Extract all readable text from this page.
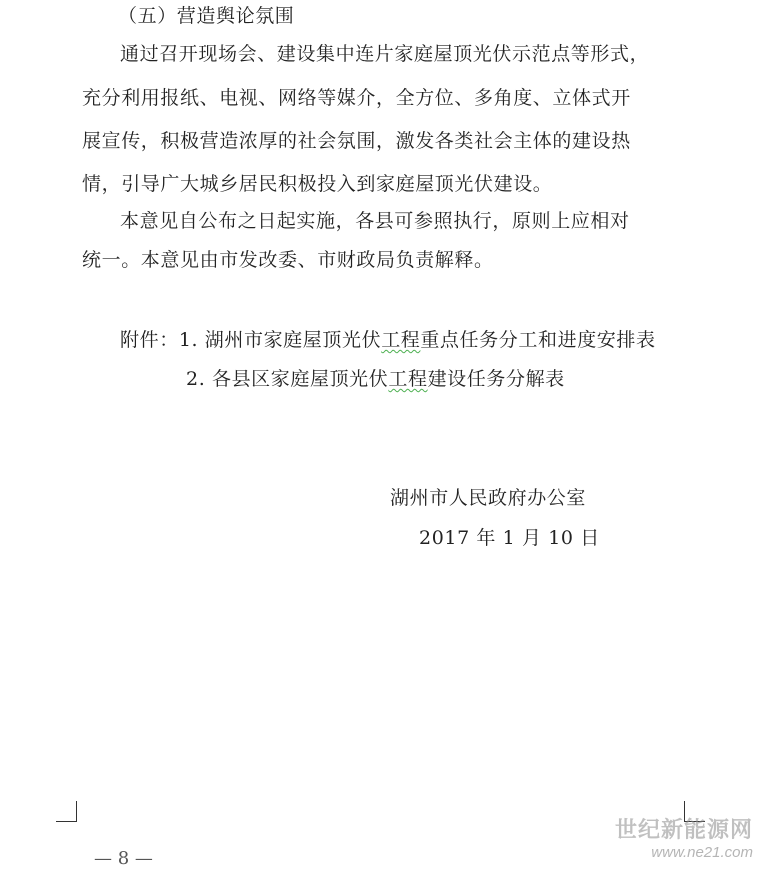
（五）营造舆论氛围
通过召开现场会、建设集中连片家庭屋顶光伏示范点等形式，
充分利用报纸、电视、网络等媒介，全方位、多角度、立体式开
展宣传，积极营造浓厚的社会氛围，激发各类社会主体的建设热
情，引导广大城乡居民积极投入到家庭屋顶光伏建设。
本意见自公布之日起实施，各县可参照执行，原则上应相对
统一。本意见由市发改委、市财政局负责解释。
附件：1. 湖州市家庭屋顶光伏工程重点任务分工和进度安排表
2. 各县区家庭屋顶光伏工程建设任务分解表
湖州市人民政府办公室
2017 年 1 月 10 日
— 8 —
世纪新能源网
www.ne21.com
